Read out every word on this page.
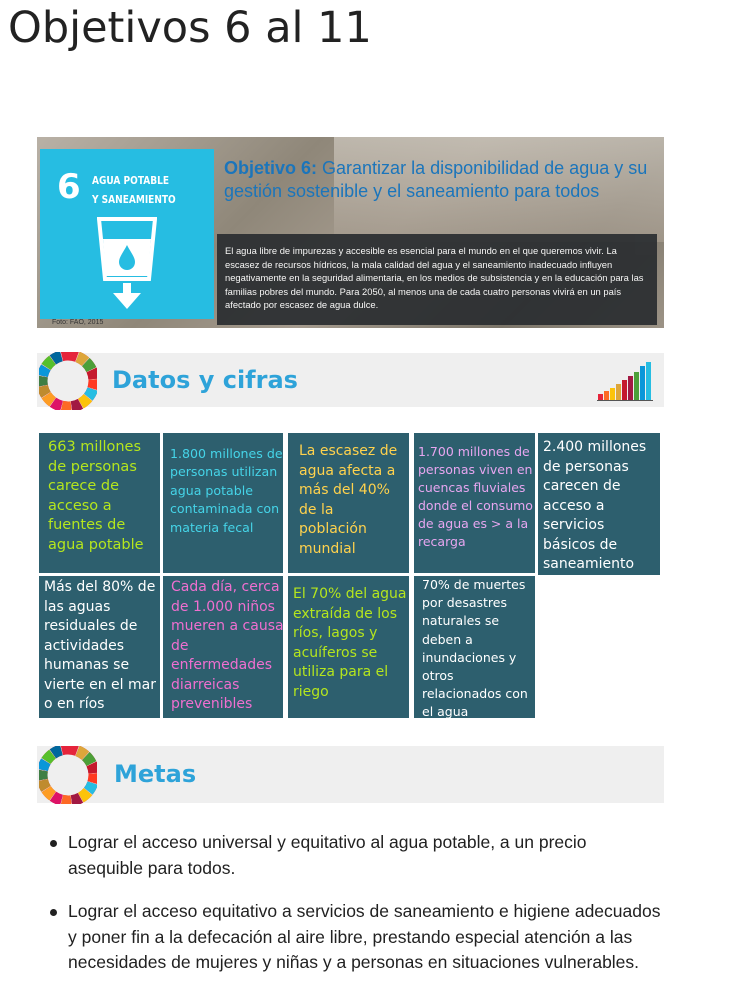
Objetivos 6 al 11
6 AGUA POTABLE
Y SANEAMIENTO
Objetivo 6: Garantizar la disponibilidad de agua y su gestión sostenible y el saneamiento para todos

El agua libre de impurezas y accesible es esencial para el mundo en el que queremos vivir. La escasez de recursos hídricos, la mala calidad del agua y el saneamiento inadecuado influyen negativamente en la seguridad alimentaria, en los medios de subsistencia y en la educación para las familias pobres del mundo. Para 2050, al menos una de cada cuatro personas vivirá en un país afectado por escasez de agua dulce.

Foto: FAO, 2015
Datos y cifras
663 millones de personas carece de acceso a fuentes de agua potable
1.800 millones de personas utilizan agua potable contaminada con materia fecal
La escasez de agua afecta a más del 40% de la población mundial
1.700 millones de personas viven en cuencas fluviales donde el consumo de agua es > a la recarga
2.400 millones de personas carecen de acceso a servicios básicos de saneamiento
Más del 80% de las aguas residuales de actividades humanas se vierte en el mar o en ríos
Cada día, cerca de 1.000 niños mueren a causa de enfermedades diarreicas prevenibles
El 70% del agua extraída de los ríos, lagos y acuíferos se utiliza para el riego
70% de muertes por desastres naturales se deben a inundaciones y otros relacionados con el agua
Metas
Lograr el acceso universal y equitativo al agua potable, a un precio asequible para todos.
Lograr el acceso equitativo a servicios de saneamiento e higiene adecuados y poner fin a la defecación al aire libre, prestando especial atención a las necesidades de mujeres y niñas y a personas en situaciones vulnerables.
